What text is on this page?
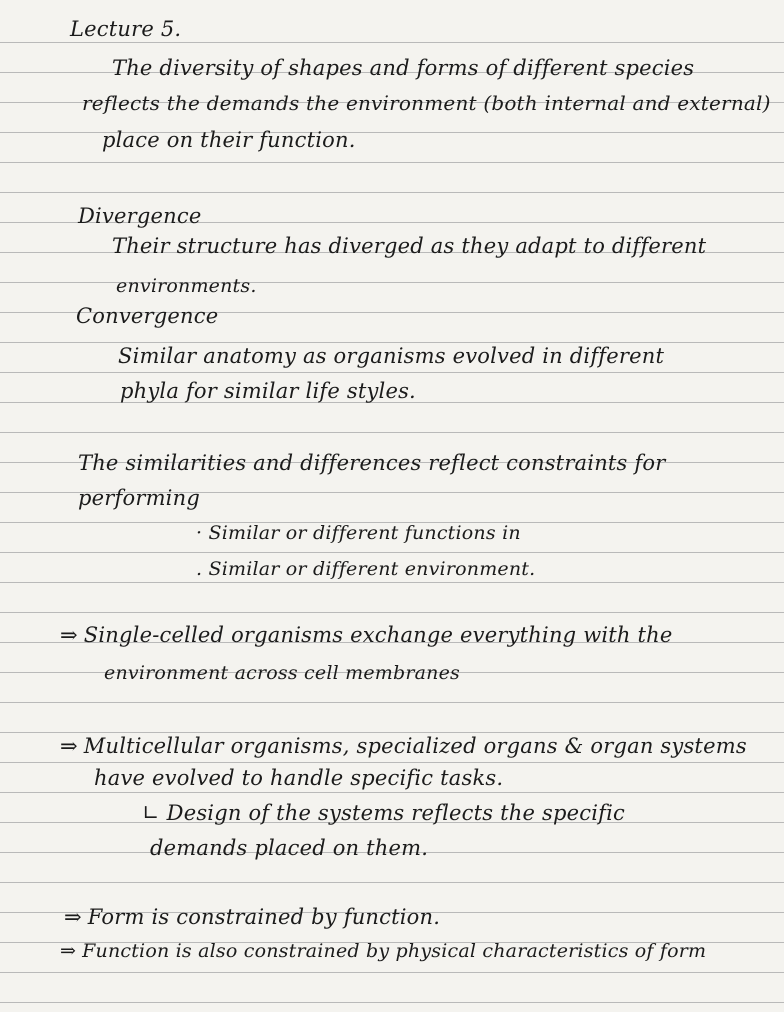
Lecture 5.
The diversity of shapes and forms of different species
reflects the demands the environment (both internal and external)
place on their function.
Divergence
Their structure has diverged as they adapt to different
environments.
Convergence
Similar anatomy as organisms evolved in different
phyla for similar life styles.
The similarities and differences reflect constraints for
performing
· Similar or different functions in
. Similar or different environment.
⇒ Single-celled organisms exchange everything with the
environment across cell membranes
⇒ Multicellular organisms, specialized organs & organ systems
have evolved to handle specific tasks.
∟ Design of the systems reflects the specific
demands placed on them.
⇒ Form is constrained by function.
⇒ Function is also constrained by physical characteristics of form
